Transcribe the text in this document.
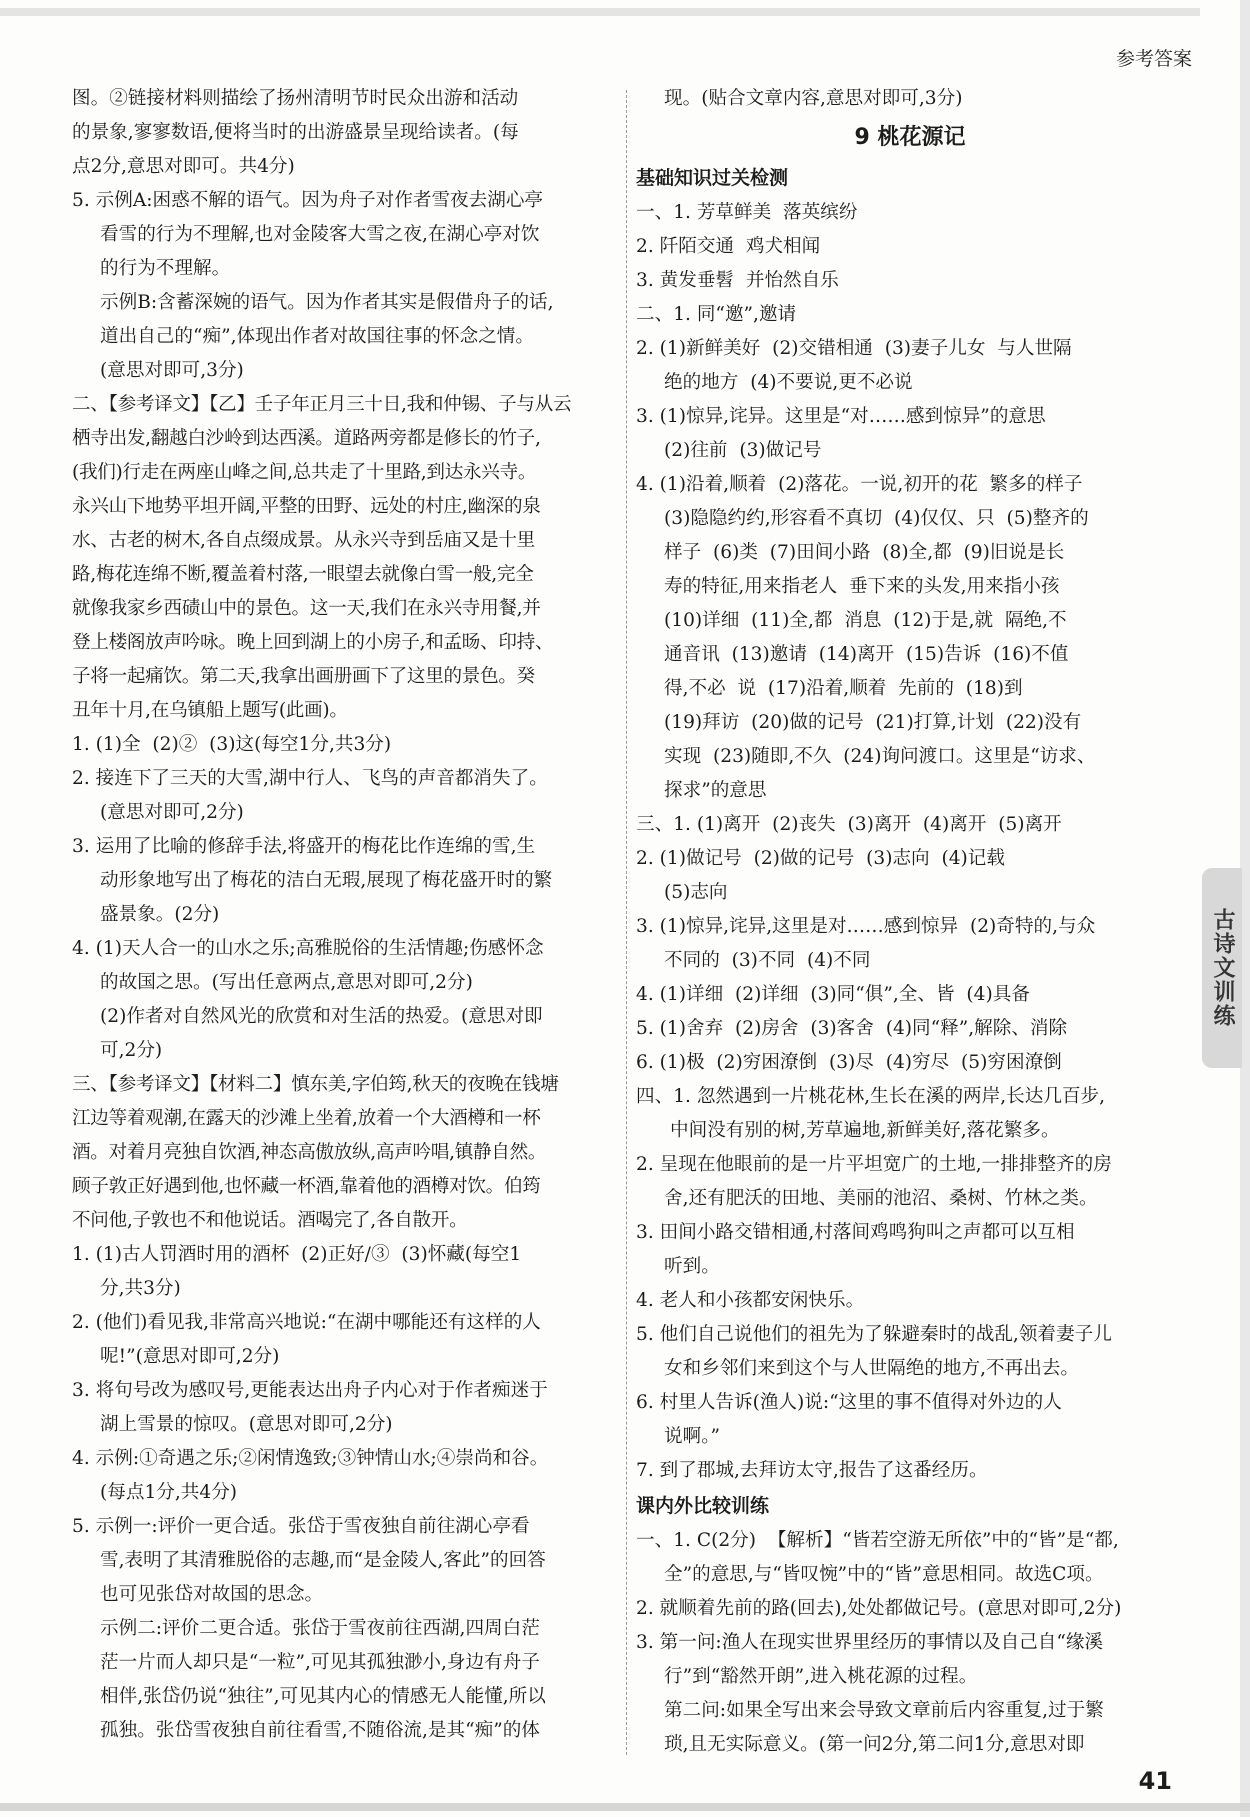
参考答案

图。②链接材料则描绘了扬州清明节时民众出游和活动

的景象,寥寥数语,便将当时的出游盛景呈现给读者。(每

点2分,意思对即可。共4分)

5. 示例A:困惑不解的语气。因为舟子对作者雪夜去湖心亭

看雪的行为不理解,也对金陵客大雪之夜,在湖心亭对饮

的行为不理解。

示例B:含蓄深婉的语气。因为作者其实是假借舟子的话,

道出自己的“痴”,体现出作者对故国往事的怀念之情。

(意思对即可,3分)

二、【参考译文】【乙】壬子年正月三十日,我和仲锡、子与从云

栖寺出发,翻越白沙岭到达西溪。道路两旁都是修长的竹子,

(我们)行走在两座山峰之间,总共走了十里路,到达永兴寺。

永兴山下地势平坦开阔,平整的田野、远处的村庄,幽深的泉

水、古老的树木,各自点缀成景。从永兴寺到岳庙又是十里

路,梅花连绵不断,覆盖着村落,一眼望去就像白雪一般,完全

就像我家乡西碛山中的景色。这一天,我们在永兴寺用餐,并

登上楼阁放声吟咏。晚上回到湖上的小房子,和孟旸、印持、

子将一起痛饮。第二天,我拿出画册画下了这里的景色。癸

丑年十月,在乌镇船上题写(此画)。

1. (1)全  (2)②  (3)这(每空1分,共3分)

2. 接连下了三天的大雪,湖中行人、飞鸟的声音都消失了。

(意思对即可,2分)

3. 运用了比喻的修辞手法,将盛开的梅花比作连绵的雪,生

动形象地写出了梅花的洁白无瑕,展现了梅花盛开时的繁

盛景象。(2分)

4. (1)天人合一的山水之乐;高雅脱俗的生活情趣;伤感怀念

的故国之思。(写出任意两点,意思对即可,2分)

(2)作者对自然风光的欣赏和对生活的热爱。(意思对即

可,2分)

三、【参考译文】【材料二】慎东美,字伯筠,秋天的夜晚在钱塘

江边等着观潮,在露天的沙滩上坐着,放着一个大酒樽和一杯

酒。对着月亮独自饮酒,神态高傲放纵,高声吟唱,镇静自然。

顾子敦正好遇到他,也怀藏一杯酒,靠着他的酒樽对饮。伯筠

不问他,子敦也不和他说话。酒喝完了,各自散开。

1. (1)古人罚酒时用的酒杯  (2)正好/③  (3)怀藏(每空1

分,共3分)

2. (他们)看见我,非常高兴地说:“在湖中哪能还有这样的人

呢!”(意思对即可,2分)

3. 将句号改为感叹号,更能表达出舟子内心对于作者痴迷于

湖上雪景的惊叹。(意思对即可,2分)

4. 示例:①奇遇之乐;②闲情逸致;③钟情山水;④崇尚和谷。

(每点1分,共4分)

5. 示例一:评价一更合适。张岱于雪夜独自前往湖心亭看

雪,表明了其清雅脱俗的志趣,而“是金陵人,客此”的回答

也可见张岱对故国的思念。

示例二:评价二更合适。张岱于雪夜前往西湖,四周白茫

茫一片而人却只是“一粒”,可见其孤独渺小,身边有舟子

相伴,张岱仍说“独往”,可见其内心的情感无人能懂,所以

孤独。张岱雪夜独自前往看雪,不随俗流,是其“痴”的体

现。(贴合文章内容,意思对即可,3分)

9 桃花源记

基础知识过关检测

一、1. 芳草鲜美  落英缤纷

2. 阡陌交通  鸡犬相闻

3. 黄发垂髫  并怡然自乐

二、1. 同“邀”,邀请

2. (1)新鲜美好  (2)交错相通  (3)妻子儿女  与人世隔

绝的地方  (4)不要说,更不必说

3. (1)惊异,诧异。这里是“对……感到惊异”的意思

(2)往前  (3)做记号

4. (1)沿着,顺着  (2)落花。一说,初开的花  繁多的样子

(3)隐隐约约,形容看不真切  (4)仅仅、只  (5)整齐的

样子  (6)类  (7)田间小路  (8)全,都  (9)旧说是长

寿的特征,用来指老人  垂下来的头发,用来指小孩

(10)详细  (11)全,都  消息  (12)于是,就  隔绝,不

通音讯  (13)邀请  (14)离开  (15)告诉  (16)不值

得,不必  说  (17)沿着,顺着  先前的  (18)到

(19)拜访  (20)做的记号  (21)打算,计划  (22)没有

实现  (23)随即,不久  (24)询问渡口。这里是“访求、

探求”的意思

三、1. (1)离开  (2)丧失  (3)离开  (4)离开  (5)离开

2. (1)做记号  (2)做的记号  (3)志向  (4)记载

(5)志向

3. (1)惊异,诧异,这里是对……感到惊异  (2)奇特的,与众

不同的  (3)不同  (4)不同

4. (1)详细  (2)详细  (3)同“俱”,全、皆  (4)具备

5. (1)舍弃  (2)房舍  (3)客舍  (4)同“释”,解除、消除

6. (1)极  (2)穷困潦倒  (3)尽  (4)穷尽  (5)穷困潦倒

四、1. 忽然遇到一片桃花林,生长在溪的两岸,长达几百步,

中间没有别的树,芳草遍地,新鲜美好,落花繁多。

2. 呈现在他眼前的是一片平坦宽广的土地,一排排整齐的房

舍,还有肥沃的田地、美丽的池沼、桑树、竹林之类。

3. 田间小路交错相通,村落间鸡鸣狗叫之声都可以互相

听到。

4. 老人和小孩都安闲快乐。

5. 他们自己说他们的祖先为了躲避秦时的战乱,领着妻子儿

女和乡邻们来到这个与人世隔绝的地方,不再出去。

6. 村里人告诉(渔人)说:“这里的事不值得对外边的人

说啊。”

7. 到了郡城,去拜访太守,报告了这番经历。

课内外比较训练

一、1. C(2分)  【解析】“皆若空游无所依”中的“皆”是“都,

全”的意思,与“皆叹惋”中的“皆”意思相同。故选C项。

2. 就顺着先前的路(回去),处处都做记号。(意思对即可,2分)

3. 第一问:渔人在现实世界里经历的事情以及自己自“缘溪

行”到“豁然开朗”,进入桃花源的过程。

第二问:如果全写出来会导致文章前后内容重复,过于繁

琐,且无实际意义。(第一问2分,第二问1分,意思对即

古诗文训练
41
